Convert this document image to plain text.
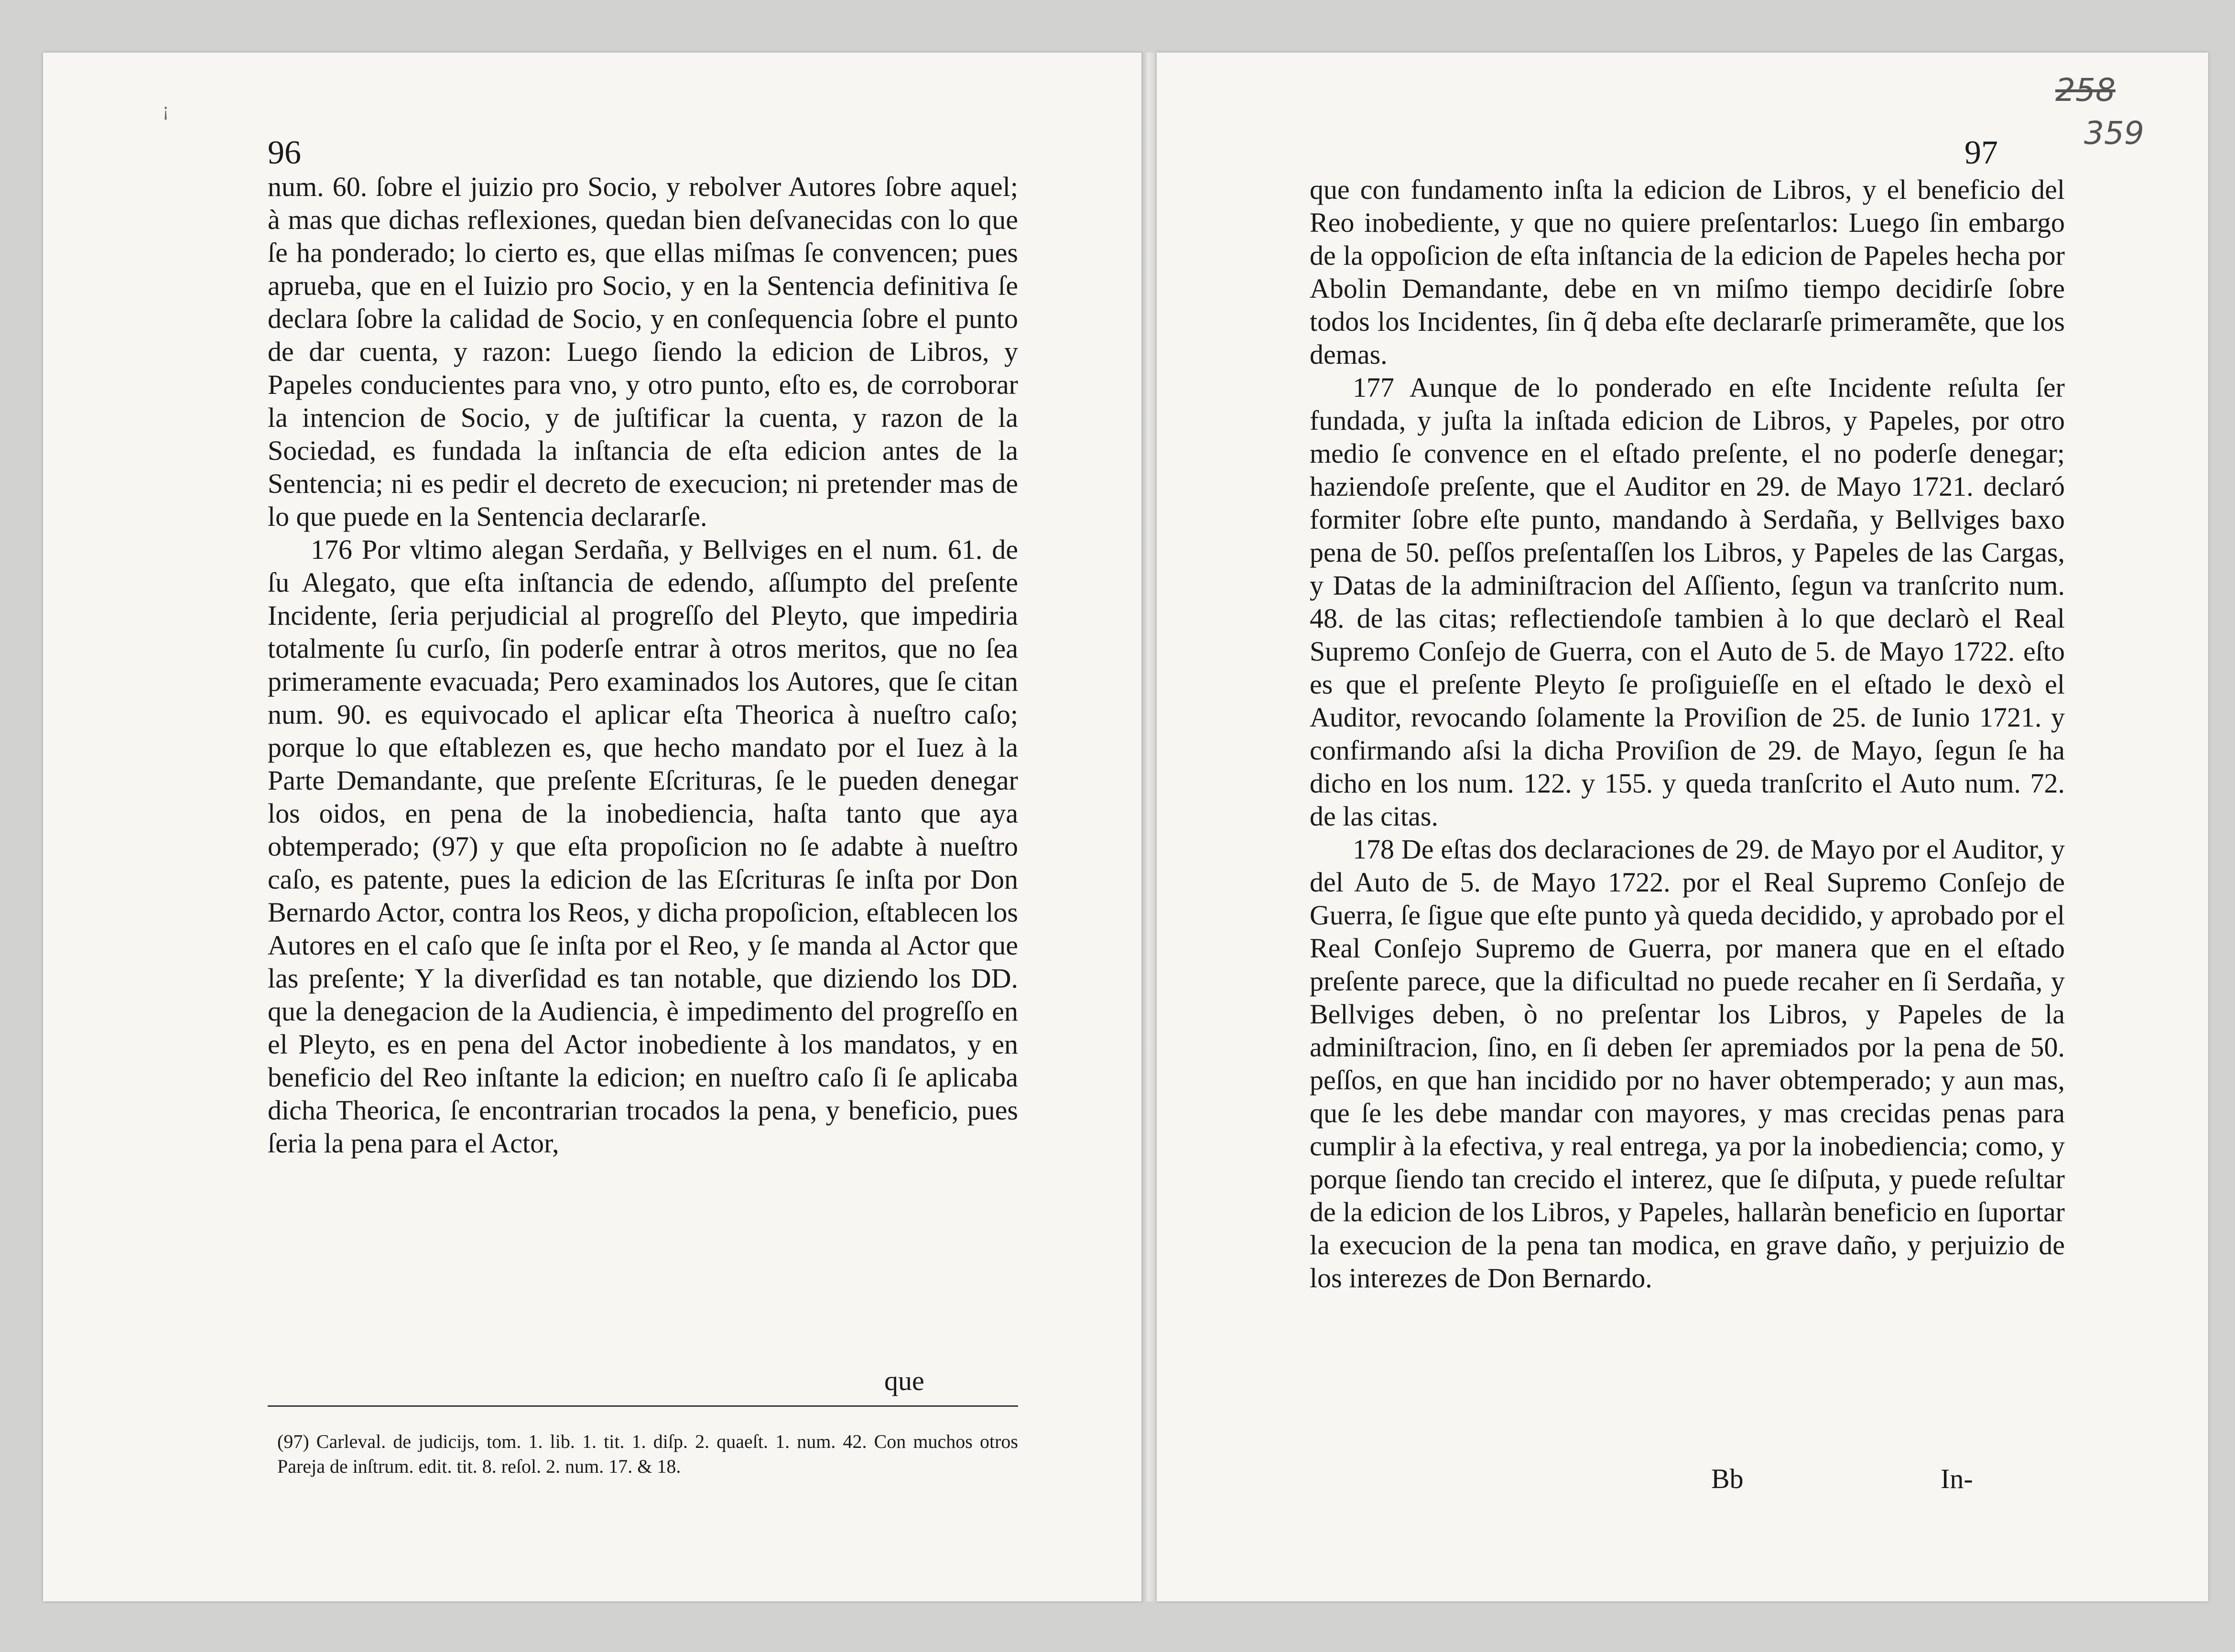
¡
96

num. 60. ſobre el juizio pro Socio, y rebolver Autores ſobre aquel; à mas que dichas reflexiones, quedan bien deſvanecidas con lo que ſe ha ponderado; lo cierto es, que ellas miſmas ſe convencen; pues aprueba, que en el Iuizio pro Socio, y en la Sentencia definitiva ſe declara ſobre la calidad de Socio, y en conſequencia ſobre el punto de dar cuenta, y razon: Luego ſiendo la edicion de Libros, y Papeles conducientes para vno, y otro punto, eſto es, de corroborar la intencion de Socio, y de juſtificar la cuenta, y razon de la Sociedad, es fundada la inſtancia de eſta edicion antes de la Sentencia; ni es pedir el decreto de execucion; ni pretender mas de lo que puede en la Sentencia declararſe.

176 Por vltimo alegan Serdaña, y Bellviges en el num. 61. de ſu Alegato, que eſta inſtancia de edendo, aſſumpto del preſente Incidente, ſeria perjudicial al progreſſo del Pleyto, que impediria totalmente ſu curſo, ſin poderſe entrar à otros meritos, que no ſea primeramente evacuada; Pero examinados los Autores, que ſe citan num. 90. es equivocado el aplicar eſta Theorica à nueſtro caſo; porque lo que eſtablezen es, que hecho mandato por el Iuez à la Parte Demandante, que preſente Eſcrituras, ſe le pueden denegar los oidos, en pena de la inobediencia, haſta tanto que aya obtemperado; (97) y que eſta propoſicion no ſe adabte à nueſtro caſo, es patente, pues la edicion de las Eſcrituras ſe inſta por Don Bernardo Actor, contra los Reos, y dicha propoſicion, eſtablecen los Autores en el caſo que ſe inſta por el Reo, y ſe manda al Actor que las preſente; Y la diverſidad es tan notable, que diziendo los DD. que la denegacion de la Audiencia, è impedimento del progreſſo en el Pleyto, es en pena del Actor inobediente à los mandatos, y en beneficio del Reo inſtante la edicion; en nueſtro caſo ſi ſe aplicaba dicha Theorica, ſe encontrarian trocados la pena, y beneficio, pues ſeria la pena para el Actor,

que
(97) Carleval. de judicijs, tom. 1. lib. 1. tit. 1. diſp. 2. quaeſt. 1. num. 42. Con muchos otros Pareja de inſtrum. edit. tit. 8. reſol. 2. num. 17. & 18.
258
359
97

que con fundamento inſta la edicion de Libros, y el beneficio del Reo inobediente, y que no quiere preſentarlos: Luego ſin embargo de la oppoſicion de eſta inſtancia de la edicion de Papeles hecha por Abolin Demandante, debe en vn miſmo tiempo decidirſe ſobre todos los Incidentes, ſin q̃ deba eſte declararſe primeramẽte, que los demas.

177 Aunque de lo ponderado en eſte Incidente reſulta ſer fundada, y juſta la inſtada edicion de Libros, y Papeles, por otro medio ſe convence en el eſtado preſente, el no poderſe denegar; haziendoſe preſente, que el Auditor en 29. de Mayo 1721. declaró formiter ſobre eſte punto, mandando à Serdaña, y Bellviges baxo pena de 50. peſſos preſentaſſen los Libros, y Papeles de las Cargas, y Datas de la adminiſtracion del Aſſiento, ſegun va tranſcrito num. 48. de las citas; reflectiendoſe tambien à lo que declarò el Real Supremo Conſejo de Guerra, con el Auto de 5. de Mayo 1722. eſto es que el preſente Pleyto ſe proſiguieſſe en el eſtado le dexò el Auditor, revocando ſolamente la Proviſion de 25. de Iunio 1721. y confirmando aſsi la dicha Proviſion de 29. de Mayo, ſegun ſe ha dicho en los num. 122. y 155. y queda tranſcrito el Auto num. 72. de las citas.

178 De eſtas dos declaraciones de 29. de Mayo por el Auditor, y del Auto de 5. de Mayo 1722. por el Real Supremo Conſejo de Guerra, ſe ſigue que eſte punto yà queda decidido, y aprobado por el Real Conſejo Supremo de Guerra, por manera que en el eſtado preſente parece, que la dificultad no puede recaher en ſi Serdaña, y Bellviges deben, ò no preſentar los Libros, y Papeles de la adminiſtracion, ſino, en ſi deben ſer apremiados por la pena de 50. peſſos, en que han incidido por no haver obtemperado; y aun mas, que ſe les debe mandar con mayores, y mas crecidas penas para cumplir à la efectiva, y real entrega, ya por la inobediencia; como, y porque ſiendo tan crecido el interez, que ſe diſputa, y puede reſultar de la edicion de los Libros, y Papeles, hallaràn beneficio en ſuportar la execucion de la pena tan modica, en grave daño, y perjuizio de los interezes de Don Bernardo.

Bb	In-
